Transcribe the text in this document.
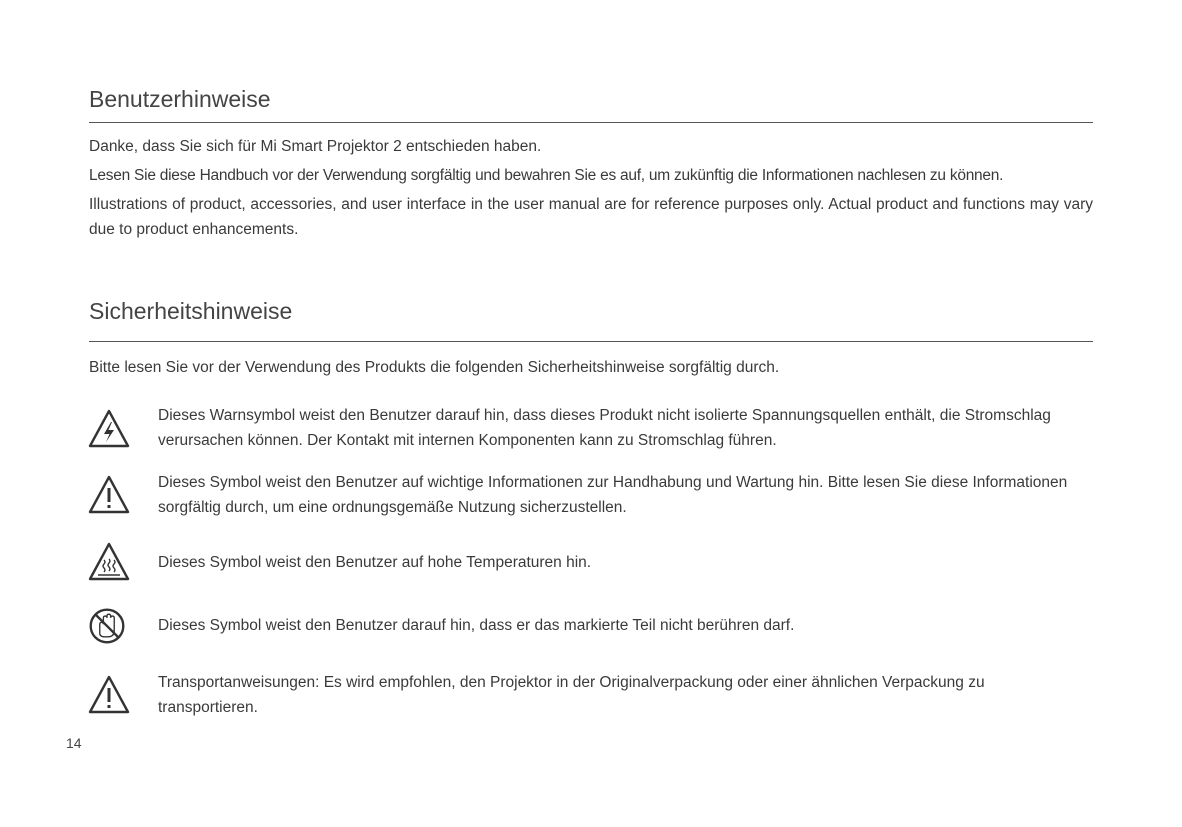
Benutzerhinweise
Danke, dass Sie sich für Mi Smart Projektor 2 entschieden haben.
Lesen Sie diese Handbuch vor der Verwendung sorgfältig und bewahren Sie es auf, um zukünftig die Informationen nachlesen zu können.
Illustrations of product, accessories, and user interface in the user manual are for reference purposes only. Actual product and functions may vary due to product enhancements.
Sicherheitshinweise
Bitte lesen Sie vor der Verwendung des Produkts die folgenden Sicherheitshinweise sorgfältig durch.
Dieses Warnsymbol weist den Benutzer darauf hin, dass dieses Produkt nicht isolierte Spannungsquellen enthält, die Stromschlag verursachen können. Der Kontakt mit internen Komponenten kann zu Stromschlag führen.
Dieses Symbol weist den Benutzer auf wichtige Informationen zur Handhabung und Wartung hin. Bitte lesen Sie diese Informationen sorgfältig durch, um eine ordnungsgemäße Nutzung sicherzustellen.
Dieses Symbol weist den Benutzer auf hohe Temperaturen hin.
Dieses Symbol weist den Benutzer darauf hin, dass er das markierte Teil nicht berühren darf.
Transportanweisungen: Es wird empfohlen, den Projektor in der Originalverpackung oder einer ähnlichen Verpackung zu transportieren.
14
